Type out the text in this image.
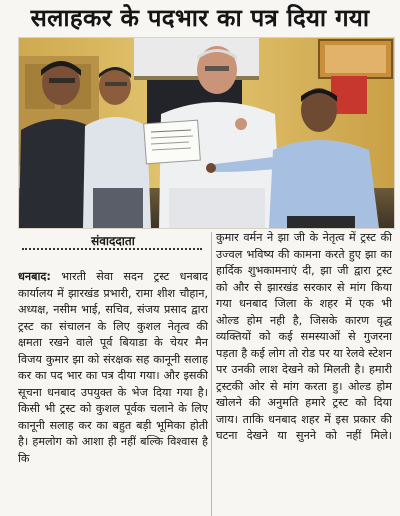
सलाहकर के पदभार का पत्र दिया गया
संवाददाता
धनबाद: भारती सेवा सदन ट्रस्ट धनबाद कार्यालय में झारखंड प्रभारी, रामा शीश चौहान, अध्यक्ष, नसीम भाई, सचिव, संजय प्रसाद द्वारा ट्रस्ट का संचालन के लिए कुशल नेतृत्व की क्षमता रखने वाले पूर्व बियाडा के चेयर मैन विजय कुमार झा को संरक्षक सह कानूनी सलाह कर का पद भार का पत्र दीया गया। और इसकी सूचना धनबाद उपयुक्त के भेज दिया गया है। किसी भी ट्रस्ट को कुशल पूर्वक चलाने के लिए कानूनी सलाह कर का बहुत बड़ी भूमिका होती है। हमलोग को आशा ही नहीं बल्कि विश्वास है कि
कुमार वर्मन ने झा जी के नेतृत्व में ट्रस्ट की उज्वल भविष्य की कामना करते हुए झा का हार्दिक शुभकामनाएं दी, झा जी द्वारा ट्रस्ट को और से झारखंड सरकार से मांग किया गया धनबाद जिला के शहर में एक भी ओल्ड होम नही है, जिसके कारण वृद्ध व्यक्तियों को कई समस्याओं से गुजरना पड़ता है कई लोग तो रोड पर या रेलवे स्टेशन पर उनकी लाश देखने को मिलती है। हमारी ट्रस्टकी ओर से मांग करता हु। ओल्ड होम खोलने की अनुमति हमारे ट्रस्ट को दिया जाय। ताकि धनबाद शहर में इस प्रकार की घटना देखने या सुनने को नहीं मिले।
